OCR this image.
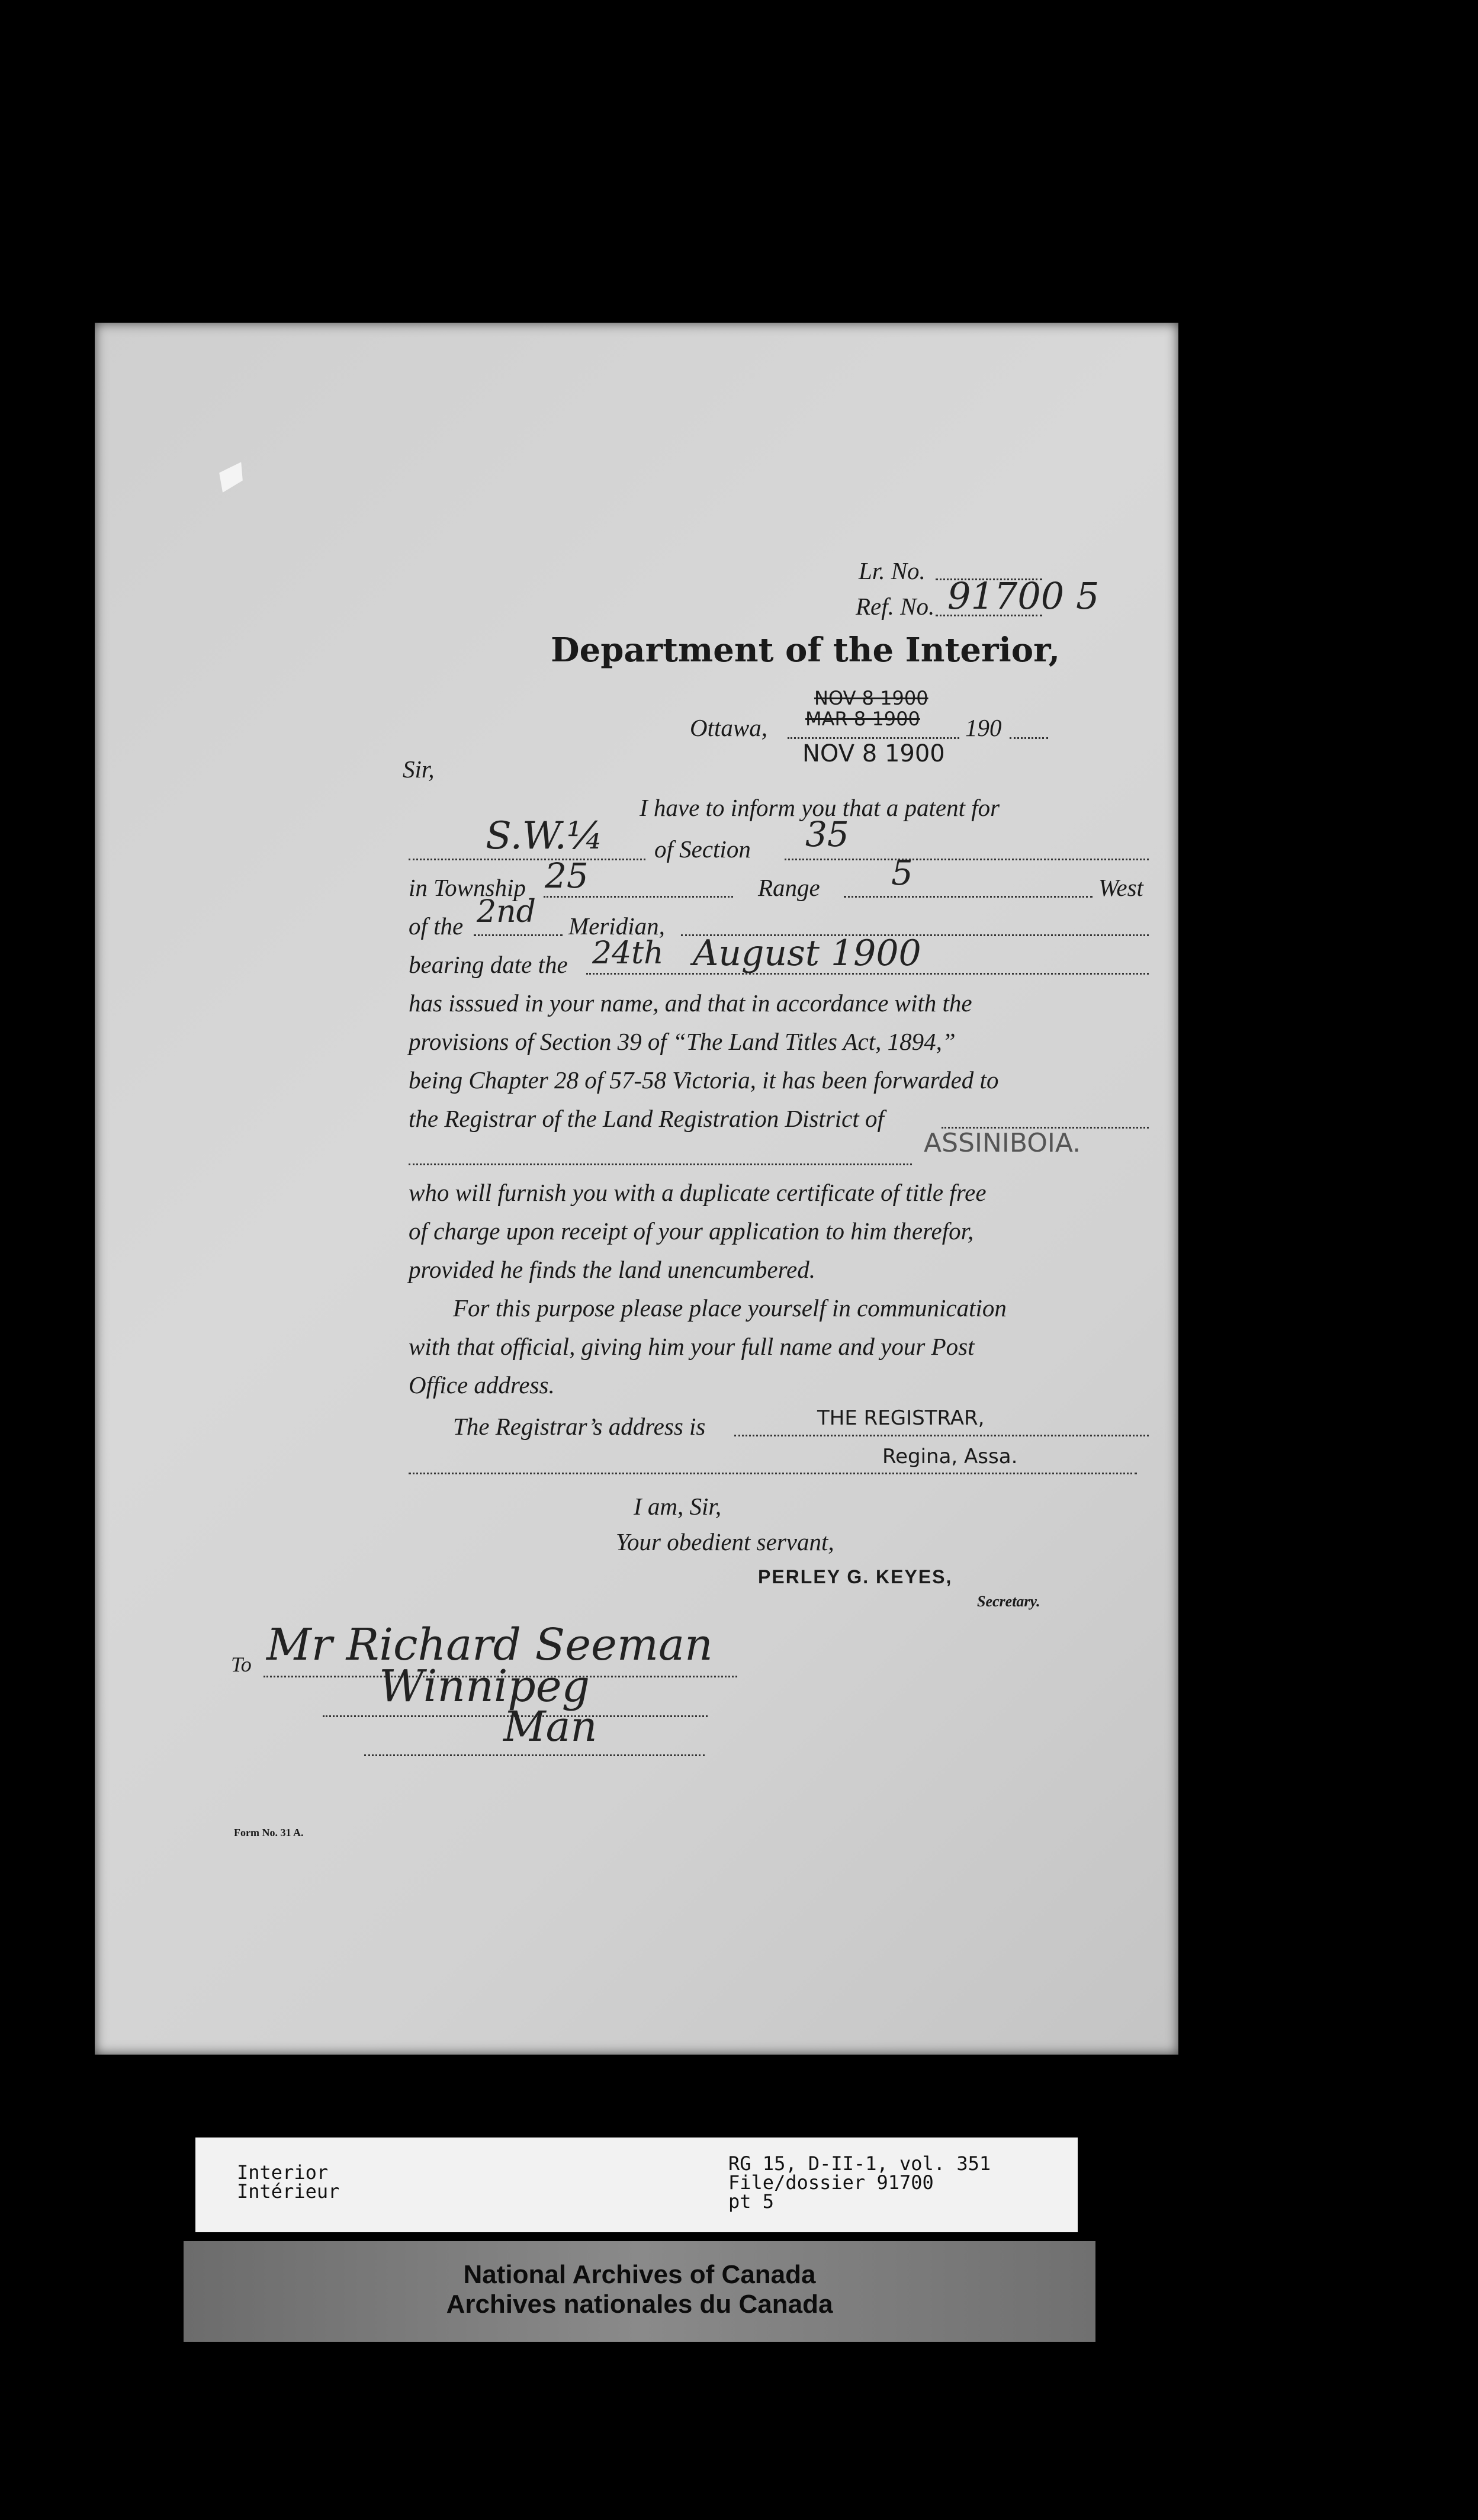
Lr. No.
Ref. No. 91700 5
Department of the Interior,
Ottawa,
NOV 8 1900
MAR 8 1900 190
NOV 8 1900
Sir,
I have to inform you that a patent for
S.W.¼ of Section 35
in Township 25	Range 5	West
of the 2nd Meridian,
bearing date the 24th August 1900
has isssued in your name, and that in accordance with the
provisions of Section 39 of “The Land Titles Act, 1894,”
being Chapter 28 of 57-58 Victoria, it has been forwarded to
the Registrar of the Land Registration District of
ASSINIBOIA.
who will furnish you with a duplicate certificate of title free
of charge upon receipt of your application to him therefor,
provided he finds the land unencumbered.
For this purpose please place yourself in communication
with that official, giving him your full name and your Post
Office address.
The Registrar’s address is	THE REGISTRAR,
Regina, Assa.
I am, Sir,
Your obedient servant,
PERLEY G. KEYES,
Secretary.
To Mr Richard Seeman
Winnipeg
Man
Form No. 31 A.
Interior
Intérieur
RG 15, D-II-1, vol. 351
File/dossier 91700
pt 5
National Archives of Canada
Archives nationales du Canada
